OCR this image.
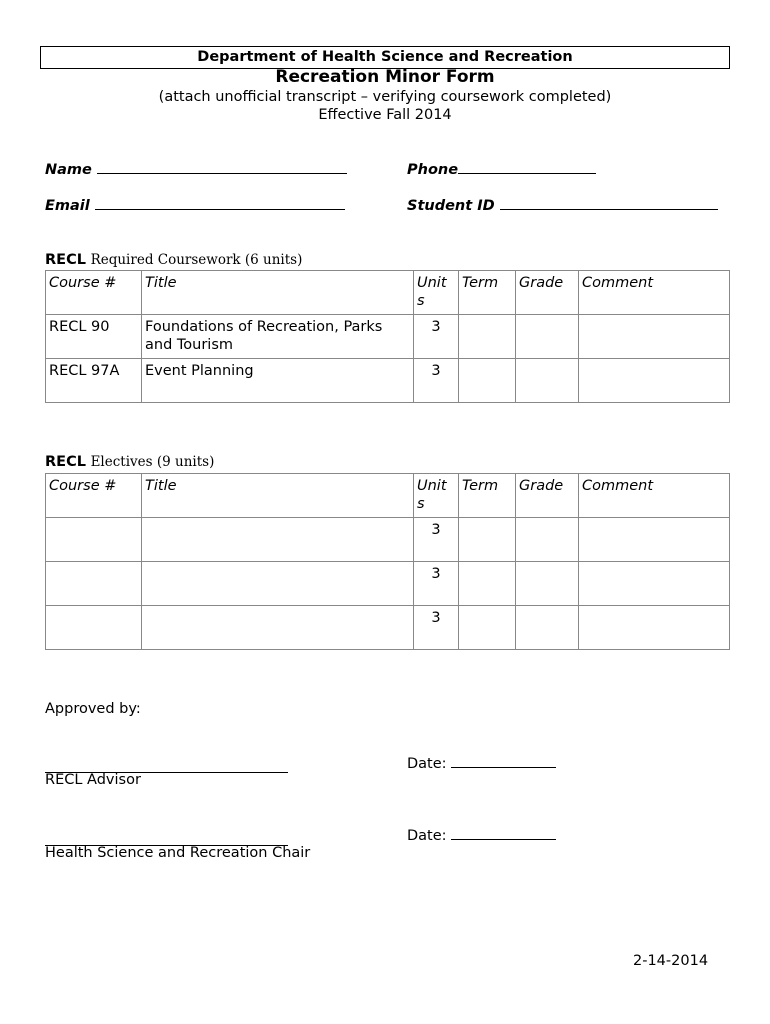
Department of Health Science and Recreation
Recreation Minor Form
(attach unofficial transcript – verifying coursework completed)
Effective Fall 2014
Name	Phone
Email	Student ID
RECL Required Coursework (6 units)
Course #	Title	Unit s	Term	Grade	Comment
RECL 90	Foundations of Recreation, Parks and Tourism	3			
RECL 97A	Event Planning	3			
RECL Electives (9 units)
Course #	Title	Unit s	Term	Grade	Comment
		3			
		3			
		3			
Approved by:
RECL Advisor
Date:
Health Science and Recreation Chair
Date:
2-14-2014
